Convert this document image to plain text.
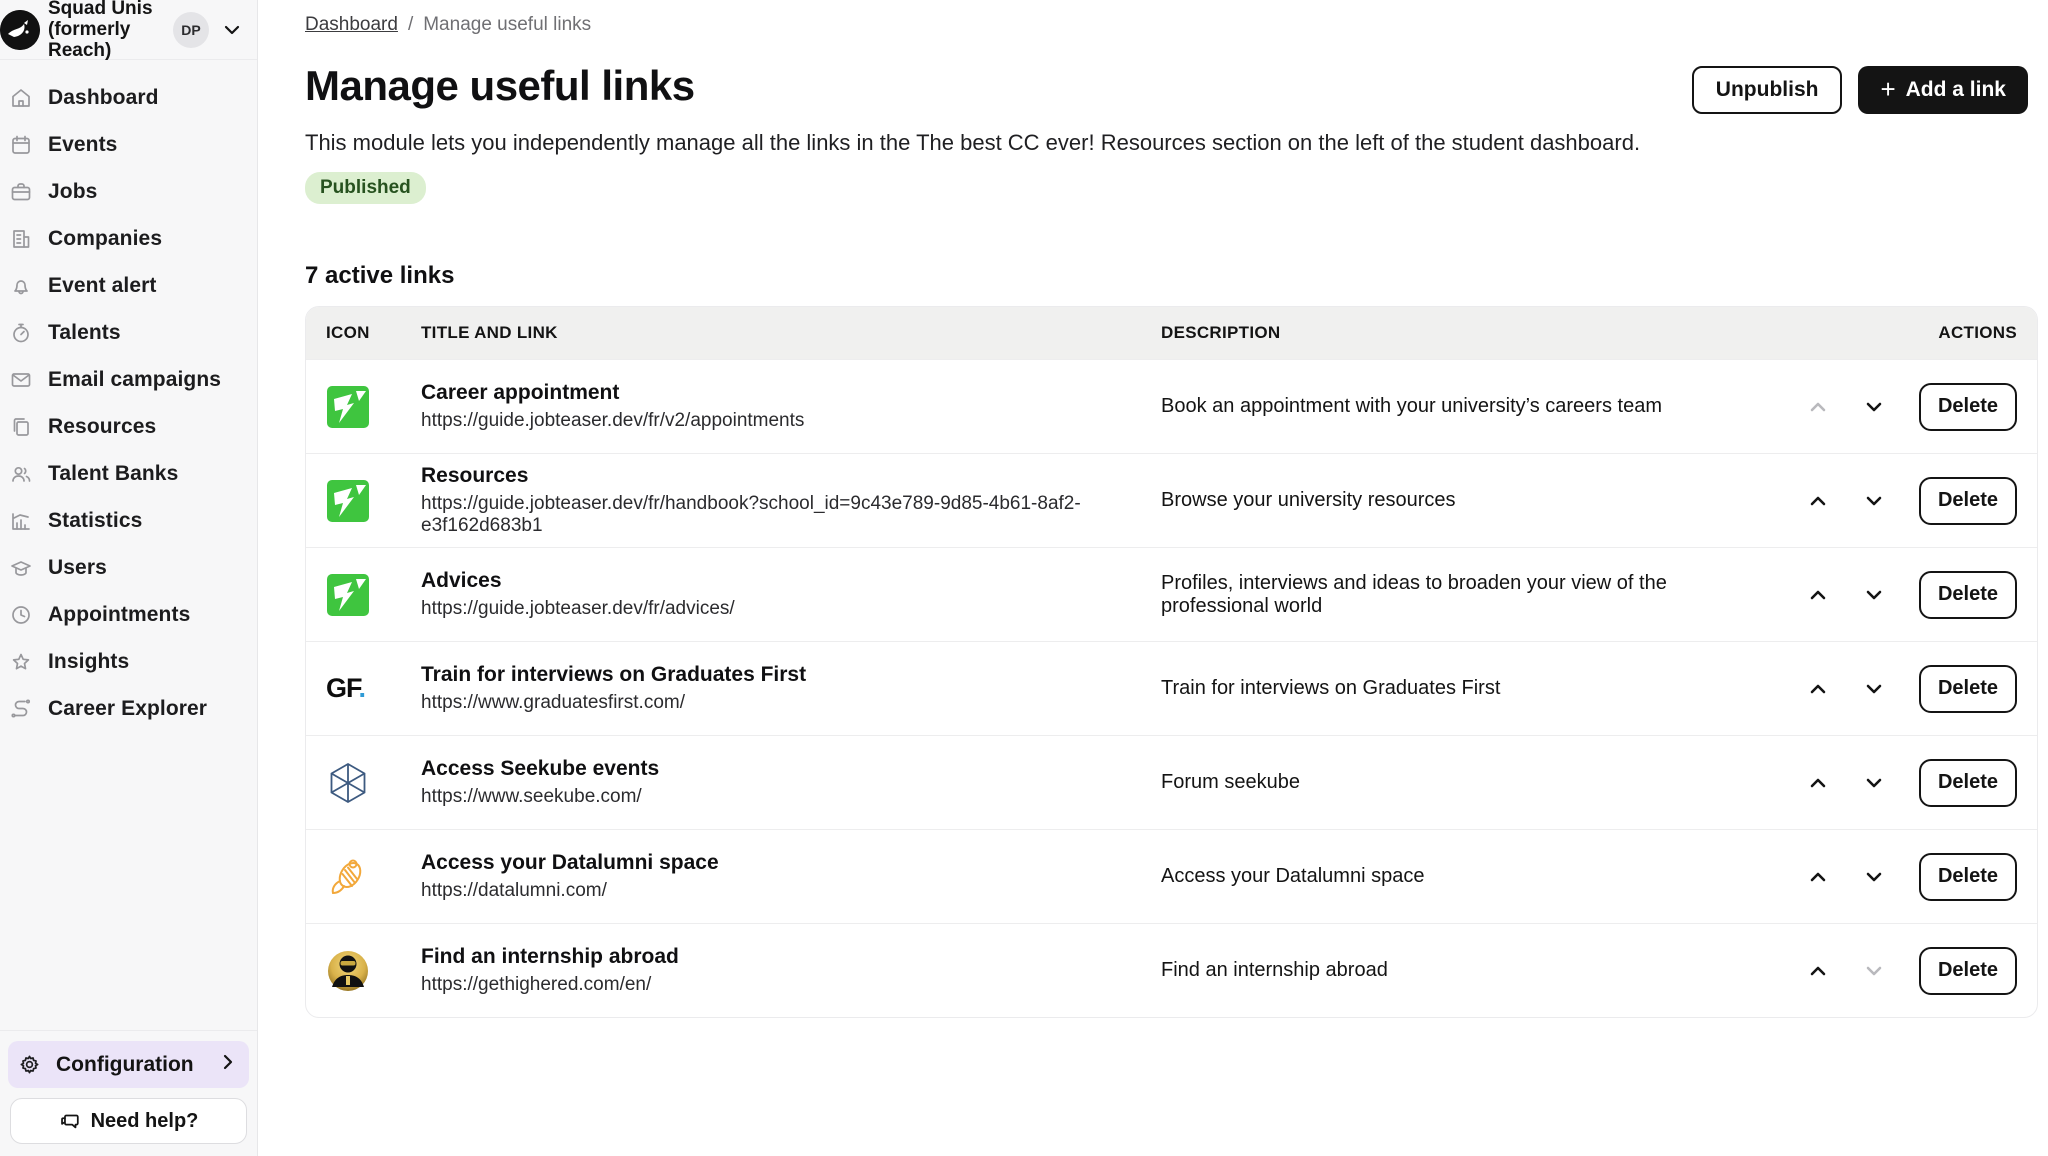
Squad Unis
(formerly Reach)
DP
Dashboard
Events
Jobs
Companies
Event alert
Talents
Email campaigns
Resources
Talent Banks
Statistics
Users
Appointments
Insights
Career Explorer
Configuration
Need help?
Dashboard / Manage useful links
Manage useful links	Unpublish	+ Add a link

This module lets you independently manage all the links in the The best CC ever! Resources section on the left of the student dashboard.

Published
7 active links
ICON	TITLE AND LINK	DESCRIPTION	ACTIONS
Career appointment
https://guide.jobteaser.dev/fr/v2/appointments
Book an appointment with your university’s careers team	Delete
Resources
https://guide.jobteaser.dev/fr/handbook?school_id=9c43e789-9d85-4b61-8af2-e3f162d683b1
Browse your university resources	Delete
Advices
https://guide.jobteaser.dev/fr/advices/
Profiles, interviews and ideas to broaden your view of the professional world
Delete
GF.	Train for interviews on Graduates First
https://www.graduatesfirst.com/
Train for interviews on Graduates First	Delete
Access Seekube events
https://www.seekube.com/
Forum seekube	Delete
Access your Datalumni space
https://datalumni.com/
Access your Datalumni space	Delete
Find an internship abroad
https://gethighered.com/en/
Find an internship abroad	Delete
